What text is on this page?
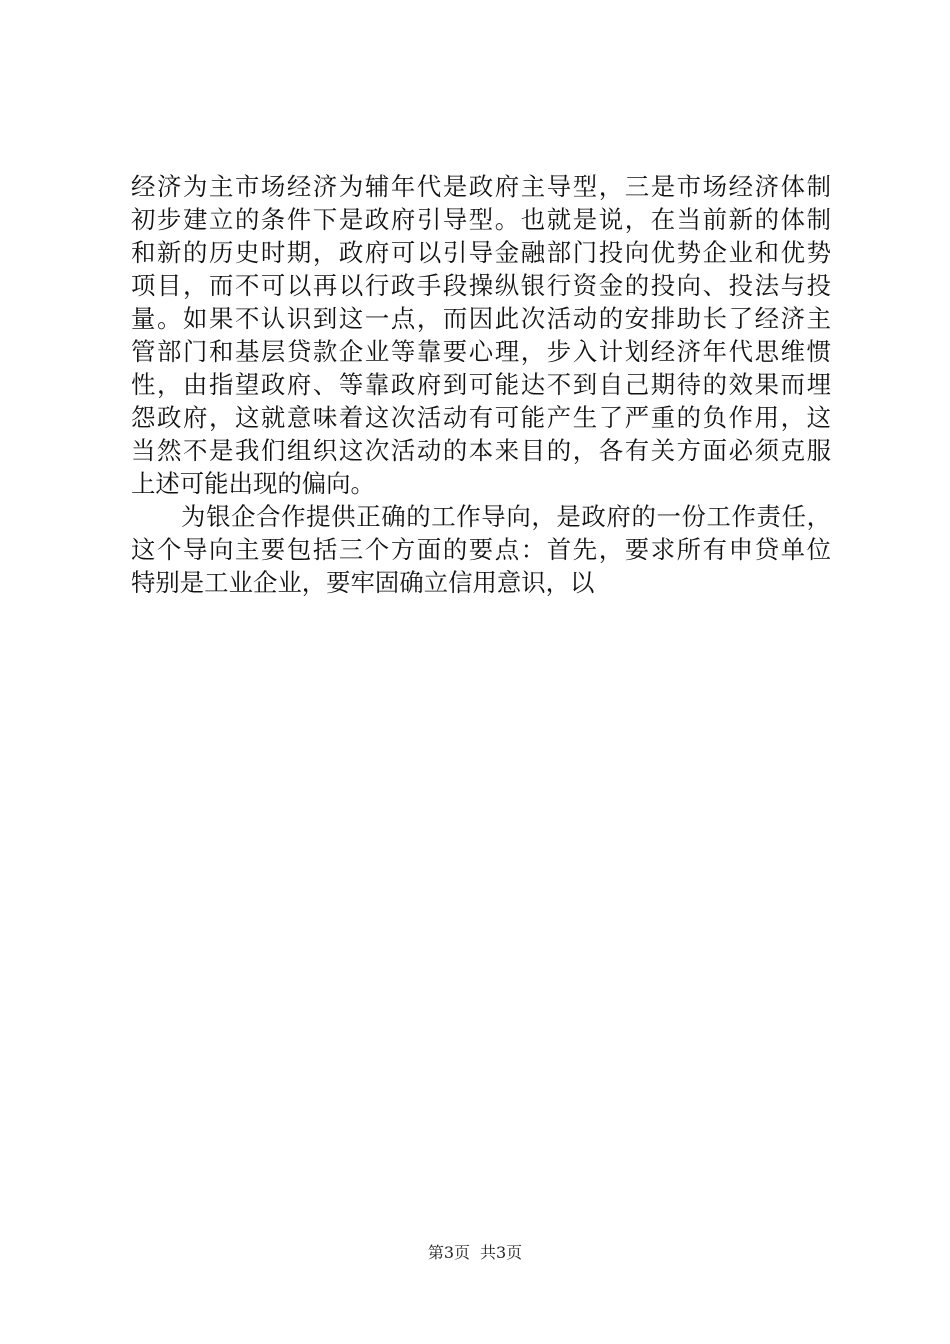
经济为主市场经济为辅年代是政府主导型，三是市场经济体制
初步建立的条件下是政府引导型。也就是说，在当前新的体制
和新的历史时期，政府可以引导金融部门投向优势企业和优势
项目，而不可以再以行政手段操纵银行资金的投向、投法与投
量。如果不认识到这一点，而因此次活动的安排助长了经济主
管部门和基层贷款企业等靠要心理，步入计划经济年代思维惯
性，由指望政府、等靠政府到可能达不到自己期待的效果而埋
怨政府，这就意味着这次活动有可能产生了严重的负作用，这
当然不是我们组织这次活动的本来目的，各有关方面必须克服
上述可能出现的偏向。
　　为银企合作提供正确的工作导向，是政府的一份工作责任，
这个导向主要包括三个方面的要点：首先，要求所有申贷单位
特别是工业企业，要牢固确立信用意识，以
第3页 共3页
